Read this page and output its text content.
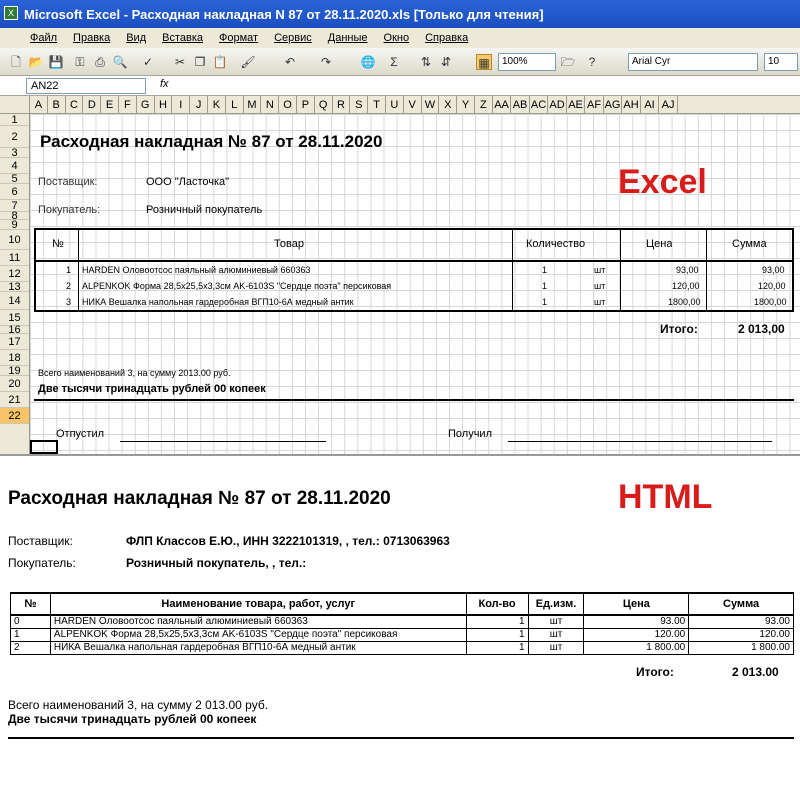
Microsoft Excel - Расходная накладная N 87 от 28.11.2020.xls [Только для чтения]
X
Файл Правка Вид Вставка Формат Сервис Данные Окно Справка
🗋 📂 💾 ⚿ ⎙ 🔍 ✓ ✂ ❐ 📋 🖌 ↶ ↷ 🌐	Σ	⇅ ⇵ ▦	100%	🗁	?	Arial Cyr	10
AN22	fx
A B C D E F G H	I	J	K	L M N O P Q R S T U V W X Y Z AA AB AC AD AE AF AG AH AI AJ
1
2
3
4
5
6
7
8
9
10
11
12
13
14
15
16
17
18
19
20
21
22
Расходная накладная № 87 от 28.11.2020
Excel
Поставщик:	ООО "Ласточка"
Покупатель:	Розничный покупатель
№	Товар	Количество	Цена	Сумма
1 HARDEN Оловоотсос паяльный алюминиевый 660363	1	шт	93,00	93,00
2 ALPENKOK Форма 28,5х25,5х3,3см AK-6103S "Сердце поэта" персиковая	1	шт	120,00	120,00
3 НИКА Вешалка напольная гардеробная ВГП10-6А медный антик	1	шт	1800,00	1800,00
Итого:	2 013,00
Всего наименований 3, на сумму 2013.00 руб.
Две тысячи тринадцать рублей 00 копеек
Отпустил	Получил
Расходная накладная № 87 от 28.11.2020	HTML
Поставщик:	ФЛП Классов Е.Ю., ИНН 3222101319, , тел.: 0713063963
Покупатель:	Розничный покупатель, , тел.:
№	Наименование товара, работ, услуг	Кол-во	Ед.изм.	Цена	Сумма
0	HARDEN Оловоотсос паяльный алюминиевый 660363	1	шт	93.00	93.00
1	ALPENKOK Форма 28,5х25,5х3,3см AK-6103S "Сердце поэта" персиковая	1	шт	120.00	120.00
2	НИКА Вешалка напольная гардеробная ВГП10-6А медный антик	1	шт	1 800.00	1 800.00
Итого:	2 013.00
Всего наименований 3, на сумму 2 013.00 руб.
Две тысячи тринадцать рублей 00 копеек
